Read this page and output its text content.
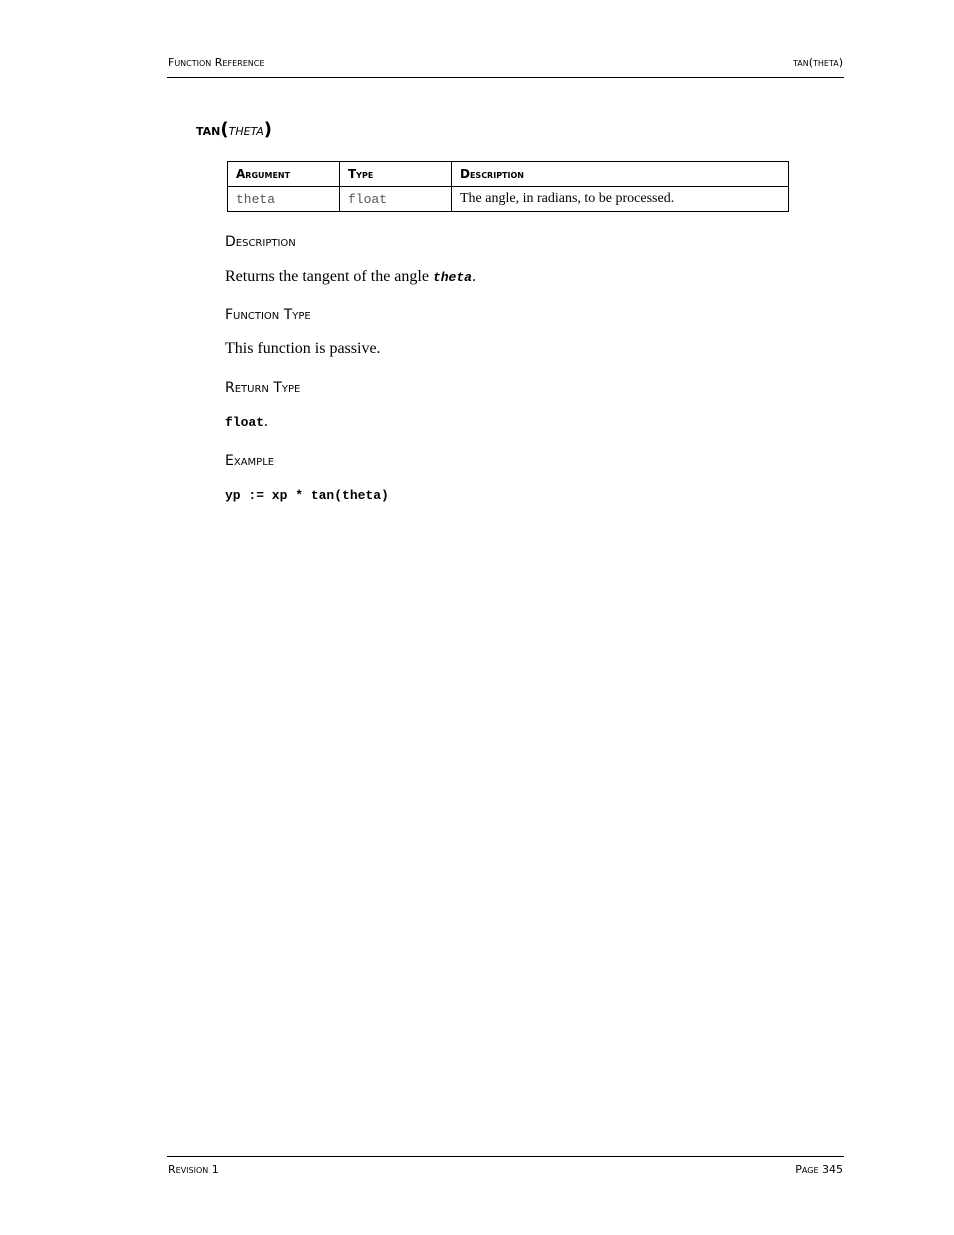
Function Reference	tan(theta)
tan(theta)
Argument	Type	Description
theta	float	The angle, in radians, to be processed.
Description
Returns the tangent of the angle theta.
Function Type
This function is passive.
Return Type
float.
Example
yp := xp * tan(theta)
Revision 1	Page 345
